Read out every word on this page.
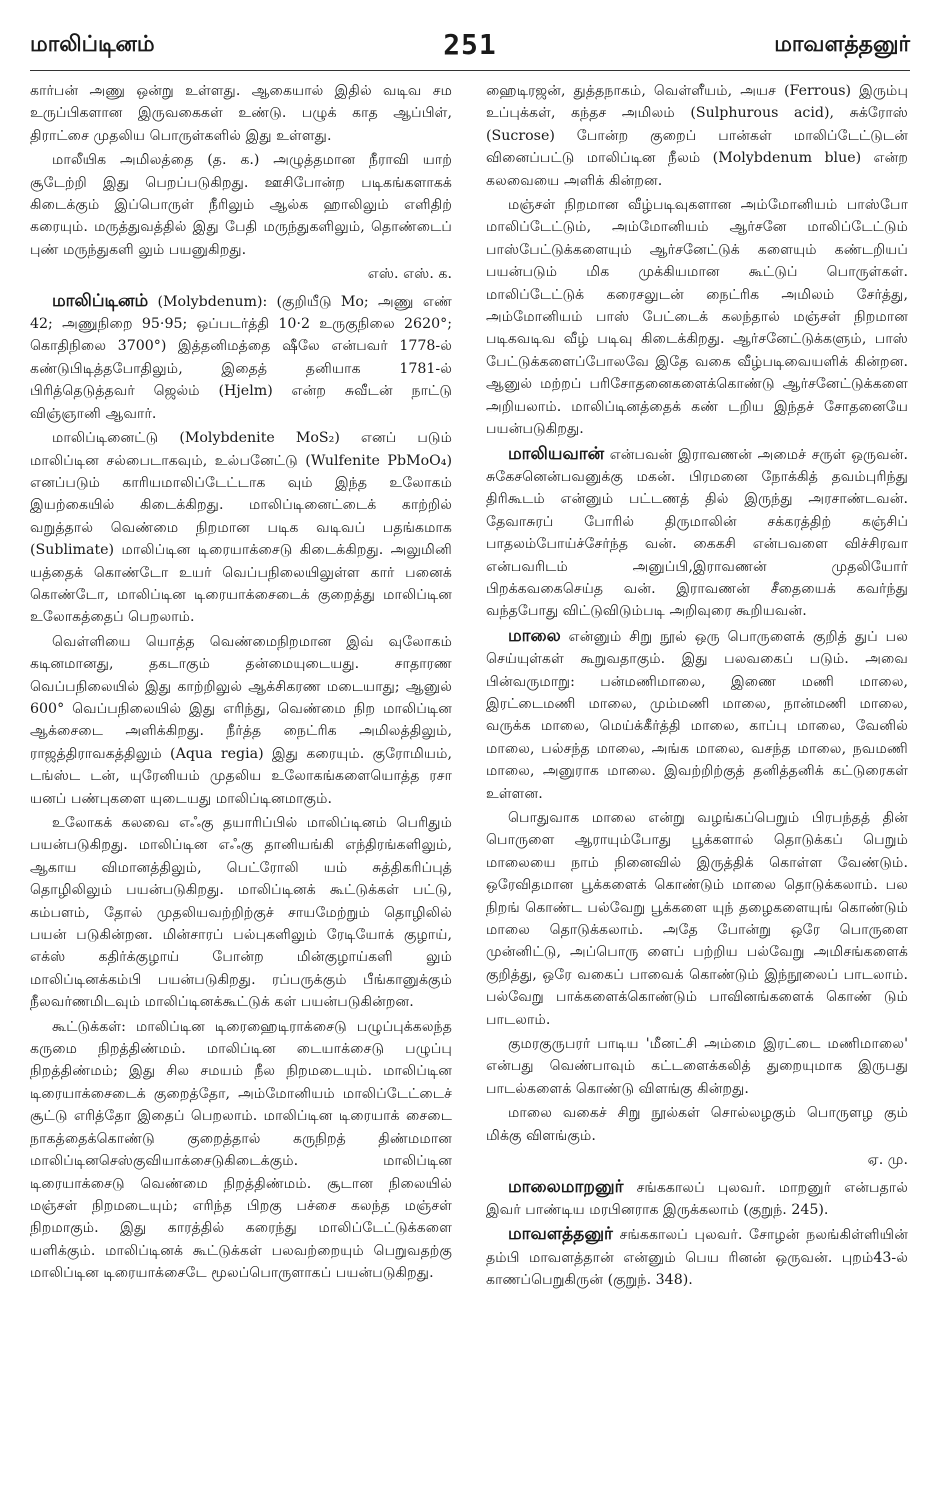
மாலிப்டினம்	251	மாவளத்தனுர்

கார்பன் அணு ஒன்று உள்ளது. ஆகையால் இதில் வடிவ சம உருப்பிகளான இருவகைகள் உண்டு. பழுக் காத ஆப்பிள், திராட்சை முதலிய பொருள்களில் இது உள்ளது.

மாலீயிக அமிலத்தை (த. க.) அழுத்தமான நீராவி யாற் சூடேற்றி இது பெறப்படுகிறது. ஊசிபோன்ற படிகங்களாகக் கிடைக்கும் இப்பொருள் நீரிலும் ஆல்க ஹாலிலும் எளிதிற் கரையும். மருத்துவத்தில் இது பேதி மருந்துகளிலும், தொண்டைப் புண் மருந்துகளி லும் பயனுகிறது.

எஸ். எஸ். க.

மாலிப்டினம் (Molybdenum): (குறியீடு Mo; அணு எண் 42; அணுநிறை 95·95; ஒப்படர்த்தி 10·2 உருகுநிலை 2620°; கொதிநிலை 3700°) இத்தனிமத்தை ஷீலே என்பவர் 1778-ல் கண்டுபிடித்தபோதிலும், இதைத் தனியாக 1781-ல் பிரித்தெடுத்தவர் ஜெல்ம் (Hjelm) என்ற சுவீடன் நாட்டு விஞ்ஞானி ஆவார்.

மாலிப்டினைட்டு (Molybdenite MoS₂) எனப் படும் மாலிப்டின சல்பைடாகவும், உல்பனேட்டு (Wulfenite PbMoO₄) எனப்படும் காரியமாலிப்டேட்டாக வும் இந்த உலோகம் இயற்கையில் கிடைக்கிறது. மாலிப்டினைட்டைக் காற்றில் வறுத்தால் வெண்மை நிறமான படிக வடிவப் பதங்கமாக (Sublimate) மாலிப்டின டிரையாக்சைடு கிடைக்கிறது. அலுமினி யத்தைக் கொண்டோ உயர் வெப்பநிலையிலுள்ள கார் பனைக் கொண்டோ, மாலிப்டின டிரையாக்சைடைக் குறைத்து மாலிப்டின உலோகத்தைப் பெறலாம்.

வெள்ளியை யொத்த வெண்மைநிறமான இவ் வுலோகம் கடினமானது, தகடாகும் தன்மையுடையது. சாதாரண வெப்பநிலையில் இது காற்றிலுல் ஆக்சிகரண மடையாது; ஆனுல் 600° வெப்பநிலையில் இது எரிந்து, வெண்மை நிற மாலிப்டின ஆக்சைடை அளிக்கிறது. நீர்த்த நைட்ரிக அமிலத்திலும், ராஜத்திராவகத்திலும் (Aqua regia) இது கரையும். குரோமியம், டங்ஸ்ட டன், யுரேனியம் முதலிய உலோகங்களையொத்த ரசா யனப் பண்புகளை யுடையது மாலிப்டினமாகும்.

உலோகக் கலவை எஃகு தயாரிப்பில் மாலிப்டினம் பெரிதும் பயன்படுகிறது. மாலிப்டின எஃகு தானியங்கி எந்திரங்களிலும், ஆகாய விமானத்திலும், பெட்ரோலி யம் சுத்திகரிப்புத் தொழிலிலும் பயன்படுகிறது. மாலிப்டினக் கூட்டுக்கள் பட்டு, கம்பளம், தோல் முதலியவற்றிற்குச் சாயமேற்றும் தொழிலில் பயன் படுகின்றன. மின்சாரப் பல்புகளிலும் ரேடியோக் குழாய், எக்ஸ் கதிர்க்குழாய் போன்ற மின்குழாய்களி லும் மாலிப்டினக்கம்பி பயன்படுகிறது. ரப்பருக்கும் பீங்கானுக்கும் நீலவர்ணமிடவும் மாலிப்டினக்கூட்டுக் கள் பயன்படுகின்றன.

கூட்டுக்கள்: மாலிப்டின டிரைஹைடிராக்சைடு பழுப்புக்கலந்த கருமை நிறத்திண்மம். மாலிப்டின டையாக்சைடு பழுப்பு நிறத்திண்மம்; இது சில சமயம் நீல நிறமடையும். மாலிப்டின டிரையாக்சைடைக் குறைத்தோ, அம்மோனியம் மாலிப்டேட்டைச் சூட்டு எரித்தோ இதைப் பெறலாம். மாலிப்டின டிரையாக் சைடை நாகத்தைக்கொண்டு குறைத்தால் கருநிறத் திண்மமான மாலிப்டினசெஸ்குவியாக்சைடுகிடைக்கும். மாலிப்டின டிரையாக்சைடு வெண்மை நிறத்திண்மம். சூடான நிலையில் மஞ்சள் நிறமடையும்; எரிந்த பிறகு பச்சை கலந்த மஞ்சள் நிறமாகும். இது காரத்தில் கரைந்து மாலிப்டேட்டுக்களை யளிக்கும். மாலிப்டினக் கூட்டுக்கள் பலவற்றையும் பெறுவதற்கு மாலிப்டின டிரையாக்சைடே மூலப்பொருளாகப் பயன்படுகிறது.

ஹைடிரஜன், துத்தநாகம், வெள்ளீயம், அயச (Ferrous) இரும்பு உப்புக்கள், கந்தச அமிலம் (Sulphurous acid), சுக்ரோஸ் (Sucrose) போன்ற குறைப் பான்கள் மாலிப்டேட்டுடன் வினைப்பட்டு மாலிப்டின நீலம் (Molybdenum blue) என்ற கலவையை அளிக் கின்றன.

மஞ்சள் நிறமான வீழ்படிவுகளான அம்மோனியம் பாஸ்போ மாலிப்டேட்டும், அம்மோனியம் ஆர்சனே மாலிப்டேட்டும் பாஸ்பேட்டுக்களையும் ஆர்சனேட்டுக் களையும் கண்டறியப் பயன்படும் மிக முக்கியமான கூட்டுப் பொருள்கள். மாலிப்டேட்டுக் கரைசலுடன் நைட்ரிக அமிலம் சேர்த்து, அம்மோனியம் பாஸ் பேட்டைக் கலந்தால் மஞ்சள் நிறமான படிகவடிவ வீழ் படிவு கிடைக்கிறது. ஆர்சனேட்டுக்களும், பாஸ் பேட்டுக்களைப்போலவே இதே வகை வீழ்படிவையளிக் கின்றன. ஆனுல் மற்றப் பரிசோதனைகளைக்கொண்டு ஆர்சனேட்டுக்களை அறியலாம். மாலிப்டினத்தைக் கண் டறிய இந்தச் சோதனையே பயன்படுகிறது.

மாலியவான் என்பவன் இராவணன் அமைச் சருள் ஒருவன். சுகேசனென்பவனுக்கு மகன். பிரமனை நோக்கித் தவம்புரிந்து திரிகூடம் என்னும் பட்டணத் தில் இருந்து அரசாண்டவன். தேவாசுரப் போரில் திருமாலின் சக்கரத்திற் கஞ்சிப் பாதலம்போய்ச்சேர்ந்த வன். கைகசி என்பவளை விச்சிரவா என்பவரிடம் அனுப்பி,இராவணன் முதலியோர் பிறக்கவகைசெய்த வன். இராவணன் சீதையைக் கவர்ந்து வந்தபோது விட்டுவிடும்படி அறிவுரை கூறியவன்.

மாலை என்னும் சிறு நூல் ஒரு பொருளைக் குறித் துப் பல செய்யுள்கள் கூறுவதாகும். இது பலவகைப் படும். அவை பின்வருமாறு: பன்மணிமாலை, இணை மணி மாலை, இரட்டைமணி மாலை, மும்மணி மாலை, நான்மணி மாலை, வருக்க மாலை, மெய்க்கீர்த்தி மாலை, காப்பு மாலை, வேனில் மாலை, பல்சந்த மாலை, அங்க மாலை, வசந்த மாலை, நவமணி மாலை, அனுராக மாலை. இவற்றிற்குத் தனித்தனிக் கட்டுரைகள் உள்ளன.

பொதுவாக மாலை என்று வழங்கப்பெறும் பிரபந்தத் தின் பொருளை ஆராயும்போது பூக்களால் தொடுக்கப் பெறும் மாலையை நாம் நினைவில் இருத்திக் கொள்ள வேண்டும். ஒரேவிதமான பூக்களைக் கொண்டும் மாலை தொடுக்கலாம். பல நிறங் கொண்ட பல்வேறு பூக்களை யுந் தழைகளையுங் கொண்டும் மாலை தொடுக்கலாம். அதே போன்று ஒரே பொருளை முன்னிட்டு, அப்பொரு ளைப் பற்றிய பல்வேறு அமிசங்களைக் குறித்து, ஒரே வகைப் பாவைக் கொண்டும் இந்நூலைப் பாடலாம். பல்வேறு பாக்களைக்கொண்டும் பாவினங்களைக் கொண் டும் பாடலாம்.

குமரகுருபரர் பாடிய 'மீனட்சி அம்மை இரட்டை மணிமாலை' என்பது வெண்பாவும் கட்டளைக்கலித் துறையுமாக இருபது பாடல்களைக் கொண்டு விளங்கு கின்றது.

மாலை வகைச் சிறு நூல்கள் சொல்லழகும் பொருளழ கும் மிக்கு விளங்கும்.

ஏ. மு.

மாலைமாறனுர் சங்ககாலப் புலவர். மாறனுர் என்பதால் இவர் பாண்டிய மரபினராக இருக்கலாம் (குறுந். 245).

மாவளத்தனுர் சங்ககாலப் புலவர். சோழன் நலங்கிள்ளியின் தம்பி மாவளத்தான் என்னும் பெய ரினன் ஒருவன். புறம்43-ல் காணப்பெறுகிருன் (குறுந். 348).
